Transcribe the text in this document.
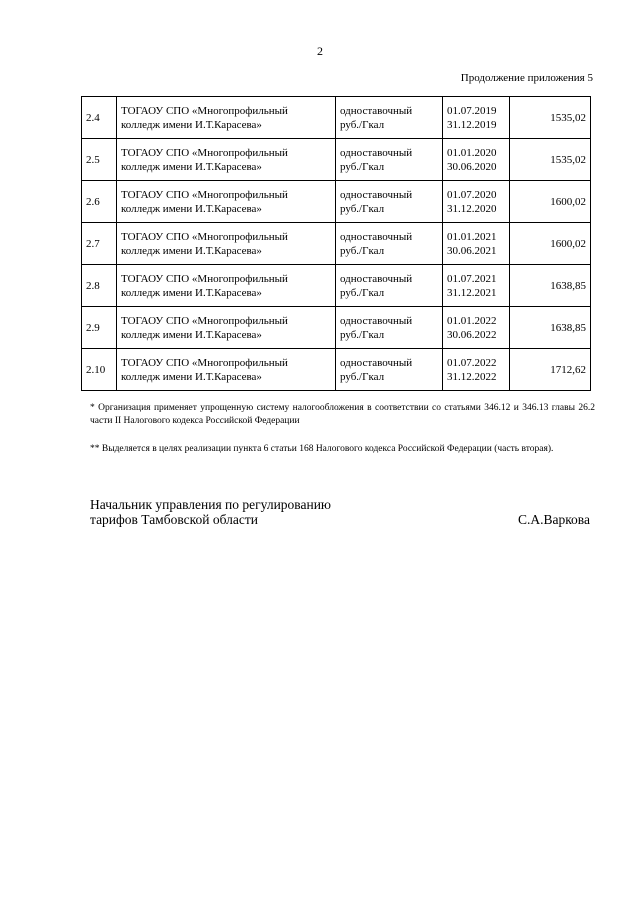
2
Продолжение приложения 5
2.4	ТОГАОУ СПО «Многопрофильный
колледж имени И.Т.Карасева»	одноставочный
руб./Гкал	01.07.2019
31.12.2019	1535,02
2.5	ТОГАОУ СПО «Многопрофильный
колледж имени И.Т.Карасева»	одноставочный
руб./Гкал	01.01.2020
30.06.2020	1535,02
2.6	ТОГАОУ СПО «Многопрофильный
колледж имени И.Т.Карасева»	одноставочный
руб./Гкал	01.07.2020
31.12.2020	1600,02
2.7	ТОГАОУ СПО «Многопрофильный
колледж имени И.Т.Карасева»	одноставочный
руб./Гкал	01.01.2021
30.06.2021	1600,02
2.8	ТОГАОУ СПО «Многопрофильный
колледж имени И.Т.Карасева»	одноставочный
руб./Гкал	01.07.2021
31.12.2021	1638,85
2.9	ТОГАОУ СПО «Многопрофильный
колледж имени И.Т.Карасева»	одноставочный
руб./Гкал	01.01.2022
30.06.2022	1638,85
2.10	ТОГАОУ СПО «Многопрофильный
колледж имени И.Т.Карасева»	одноставочный
руб./Гкал	01.07.2022
31.12.2022	1712,62
* Организация применяет упрощенную систему налогообложения в соответствии со статьями 346.12 и 346.13 главы 26.2 части II Налогового кодекса Российской Федерации
** Выделяется в целях реализации пункта 6 статьи 168 Налогового кодекса Российской Федерации (часть вторая).
Начальник управления по регулированию
тарифов Тамбовской области	С.А.Варкова
